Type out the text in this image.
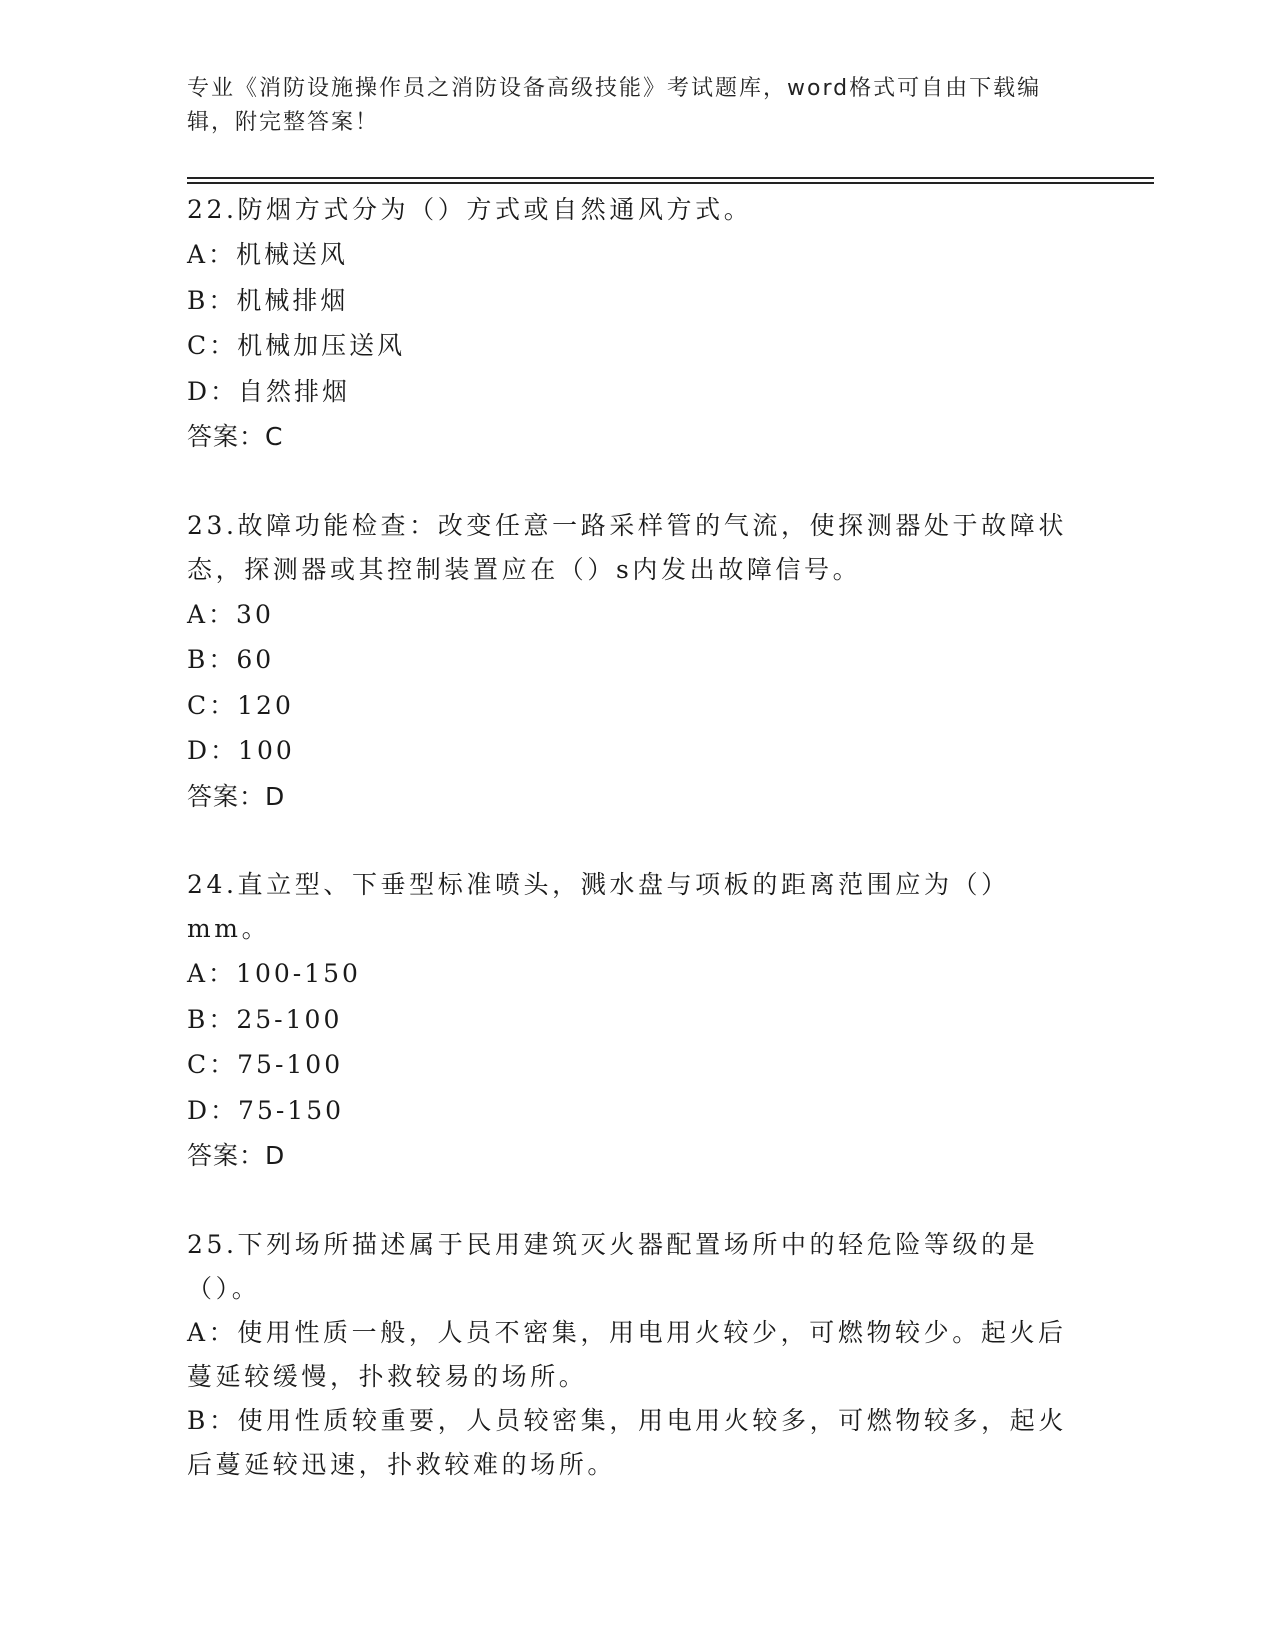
专业《消防设施操作员之消防设备高级技能》考试题库，word格式可自由下载编辑，附完整答案！

22.防烟方式分为（）方式或自然通风方式。

A：机械送风

B：机械排烟

C：机械加压送风

D：自然排烟

答案：C

23.故障功能检查：改变任意一路采样管的气流，使探测器处于故障状态，探测器或其控制装置应在（）s内发出故障信号。

A：30

B：60

C：120

D：100

答案：D

24.直立型、下垂型标准喷头，溅水盘与项板的距离范围应为（）mm。

A：100-150

B：25-100

C：75-100

D：75-150

答案：D

25.下列场所描述属于民用建筑灭火器配置场所中的轻危险等级的是（）。

A：使用性质一般，人员不密集，用电用火较少，可燃物较少。起火后蔓延较缓慢，扑救较易的场所。

B：使用性质较重要，人员较密集，用电用火较多，可燃物较多，起火后蔓延较迅速，扑救较难的场所。
